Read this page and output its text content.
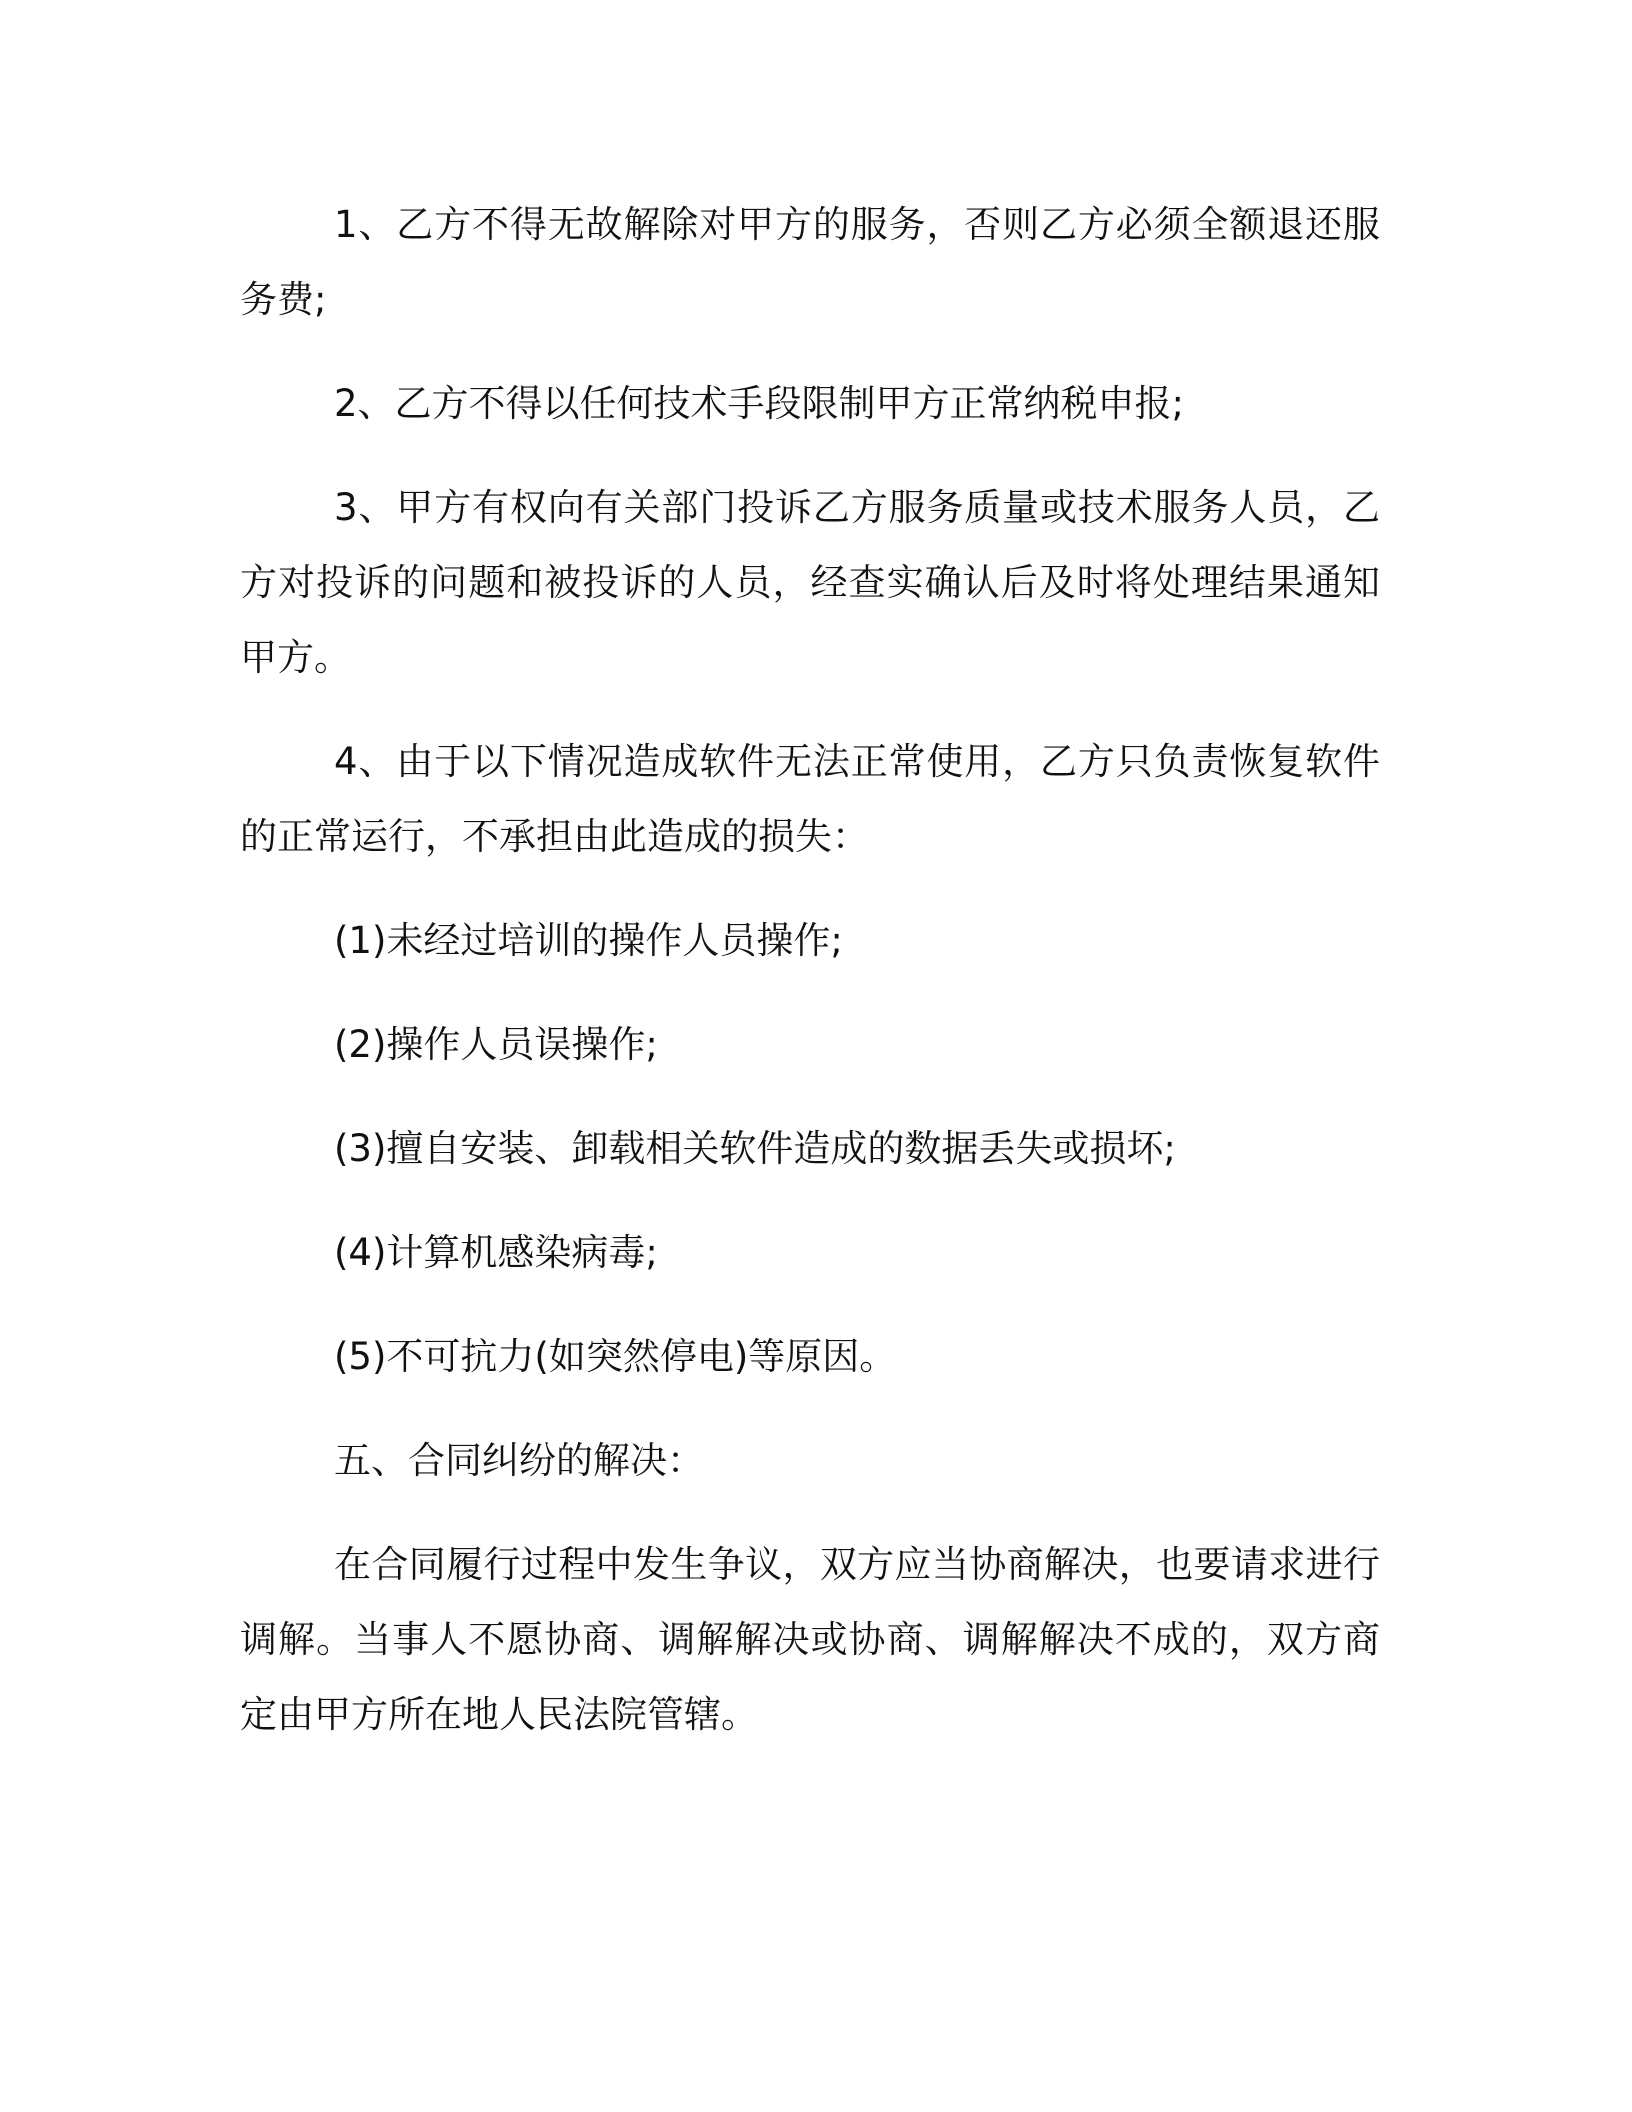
1、乙方不得无故解除对甲方的服务，否则乙方必须全额退还服务费;

2、乙方不得以任何技术手段限制甲方正常纳税申报;

3、甲方有权向有关部门投诉乙方服务质量或技术服务人员，乙方对投诉的问题和被投诉的人员，经查实确认后及时将处理结果通知甲方。

4、由于以下情况造成软件无法正常使用，乙方只负责恢复软件的正常运行，不承担由此造成的损失：

(1)未经过培训的操作人员操作;

(2)操作人员误操作;

(3)擅自安装、卸载相关软件造成的数据丢失或损坏;

(4)计算机感染病毒;

(5)不可抗力(如突然停电)等原因。

五、合同纠纷的解决：

在合同履行过程中发生争议，双方应当协商解决，也要请求进行调解。当事人不愿协商、调解解决或协商、调解解决不成的，双方商定由甲方所在地人民法院管辖。
